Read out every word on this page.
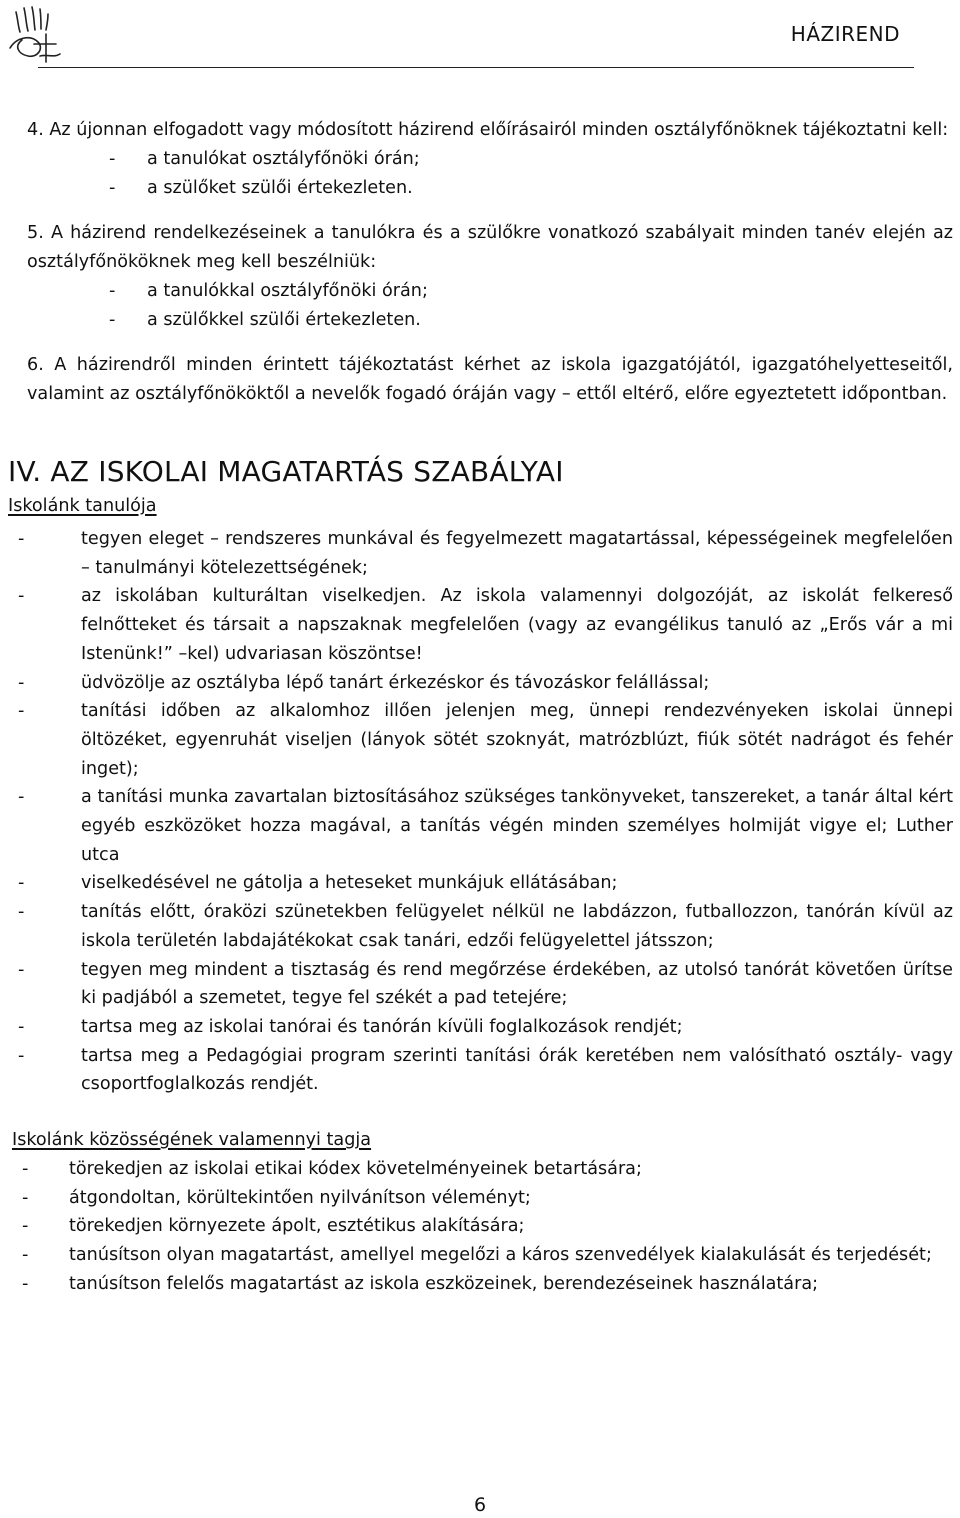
HÁZIREND

4. Az újonnan elfogadott vagy módosított házirend előírásairól minden osztályfőnöknek tájékoztatni kell:

- a tanulókat osztályfőnöki órán;
- a szülőket szülői értekezleten.

5. A házirend rendelkezéseinek a tanulókra és a szülőkre vonatkozó szabályait minden tanév elején az osztályfőnököknek meg kell beszélniük:

- a tanulókkal osztályfőnöki órán;
- a szülőkkel szülői értekezleten.

6. A házirendről minden érintett tájékoztatást kérhet az iskola igazgatójától, igazgatóhelyetteseitől, valamint az osztályfőnököktől a nevelők fogadó óráján vagy – ettől eltérő, előre egyeztetett időpontban.

IV. AZ ISKOLAI MAGATARTÁS SZABÁLYAI
Iskolánk tanulója
-	tegyen eleget – rendszeres munkával és fegyelmezett magatartással, képességeinek megfelelően – tanulmányi kötelezettségének;
-	az iskolában kulturáltan viselkedjen. Az iskola valamennyi dolgozóját, az iskolát felkereső felnőtteket és társait a napszaknak megfelelően (vagy az evangélikus tanuló az „Erős vár a mi Istenünk!” –kel) udvariasan köszöntse!
-	üdvözölje az osztályba lépő tanárt érkezéskor és távozáskor felállással;
-	tanítási időben az alkalomhoz illően jelenjen meg, ünnepi rendezvényeken iskolai ünnepi öltözéket, egyenruhát viseljen (lányok sötét szoknyát, matrózblúzt, fiúk sötét nadrágot és fehér inget);
-	a tanítási munka zavartalan biztosításához szükséges tankönyveket, tanszereket, a tanár által kért egyéb eszközöket hozza magával, a tanítás végén minden személyes holmiját vigye el; Luther utca
-	viselkedésével ne gátolja a heteseket munkájuk ellátásában;
-	tanítás előtt, óraközi szünetekben felügyelet nélkül ne labdázzon, futballozzon, tanórán kívül az iskola területén labdajátékokat csak tanári, edzői felügyelettel játsszon;
-	tegyen meg mindent a tisztaság és rend megőrzése érdekében, az utolsó tanórát követően ürítse ki padjából a szemetet, tegye fel székét a pad tetejére;
-	tartsa meg az iskolai tanórai és tanórán kívüli foglalkozások rendjét;
-	tartsa meg a Pedagógiai program szerinti tanítási órák keretében nem valósítható osztály- vagy csoportfoglalkozás rendjét.
Iskolánk közösségének valamennyi tagja
- törekedjen az iskolai etikai kódex követelményeinek betartására;
- átgondoltan, körültekintően nyilvánítson véleményt;
- törekedjen környezete ápolt, esztétikus alakítására;
- tanúsítson olyan magatartást, amellyel megelőzi a káros szenvedélyek kialakulását és terjedését;
- tanúsítson felelős magatartást az iskola eszközeinek, berendezéseinek használatára;
6
